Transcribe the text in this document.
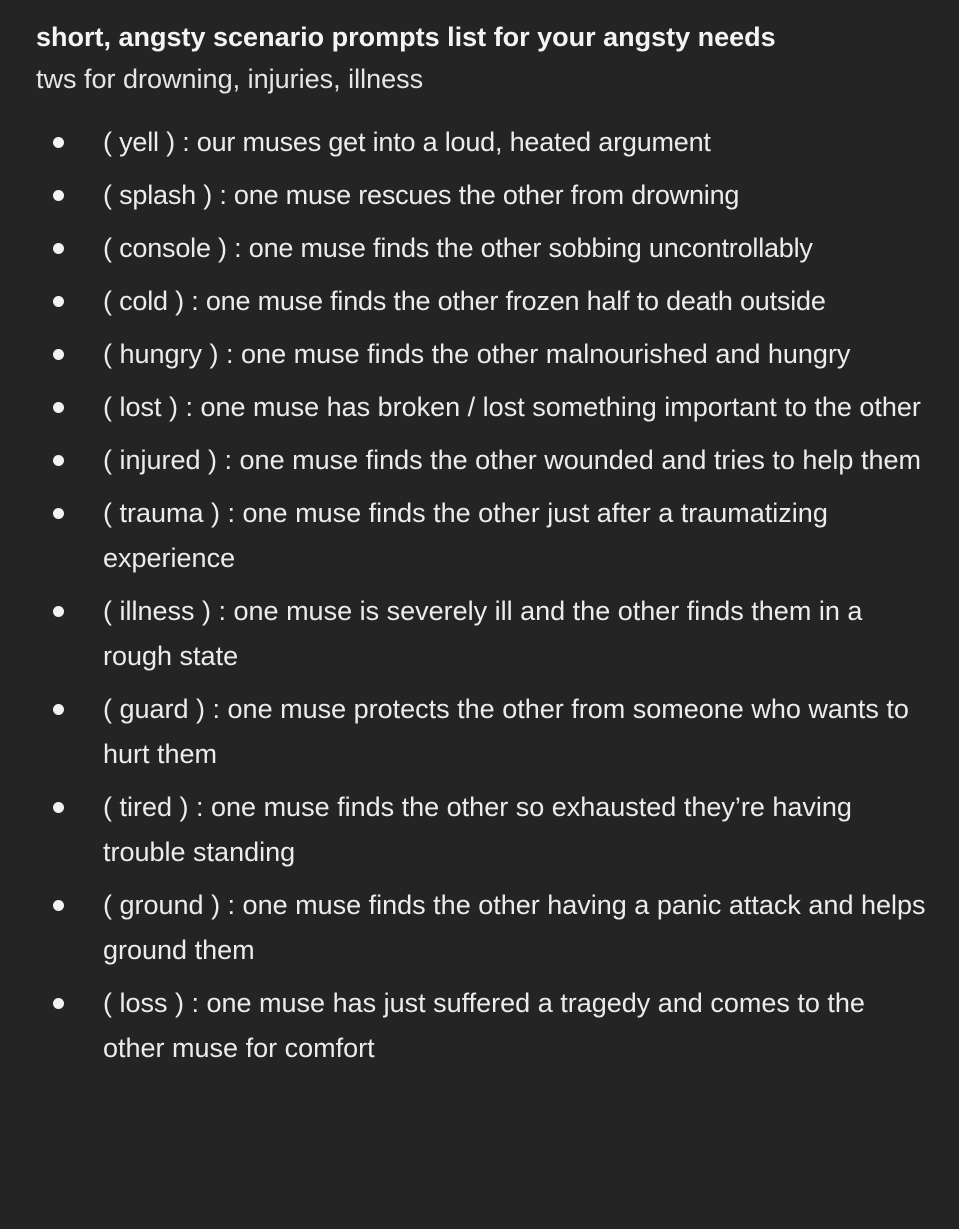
short, angsty scenario prompts list for your angsty needs

tws for drowning, injuries, illness

( yell ) : our muses get into a loud, heated argument
( splash ) : one muse rescues the other from drowning
( console ) : one muse finds the other sobbing uncontrollably
( cold ) : one muse finds the other frozen half to death outside
( hungry ) : one muse finds the other malnourished and hungry
( lost ) : one muse has broken / lost something important to the other
( injured ) : one muse finds the other wounded and tries to help them
( trauma ) : one muse finds the other just after a traumatizing experience
( illness ) : one muse is severely ill and the other finds them in a rough state
( guard ) : one muse protects the other from someone who wants to hurt them
( tired ) : one muse finds the other so exhausted they’re having trouble standing
( ground ) : one muse finds the other having a panic attack and helps ground them
( loss ) : one muse has just suffered a tragedy and comes to the other muse for comfort
